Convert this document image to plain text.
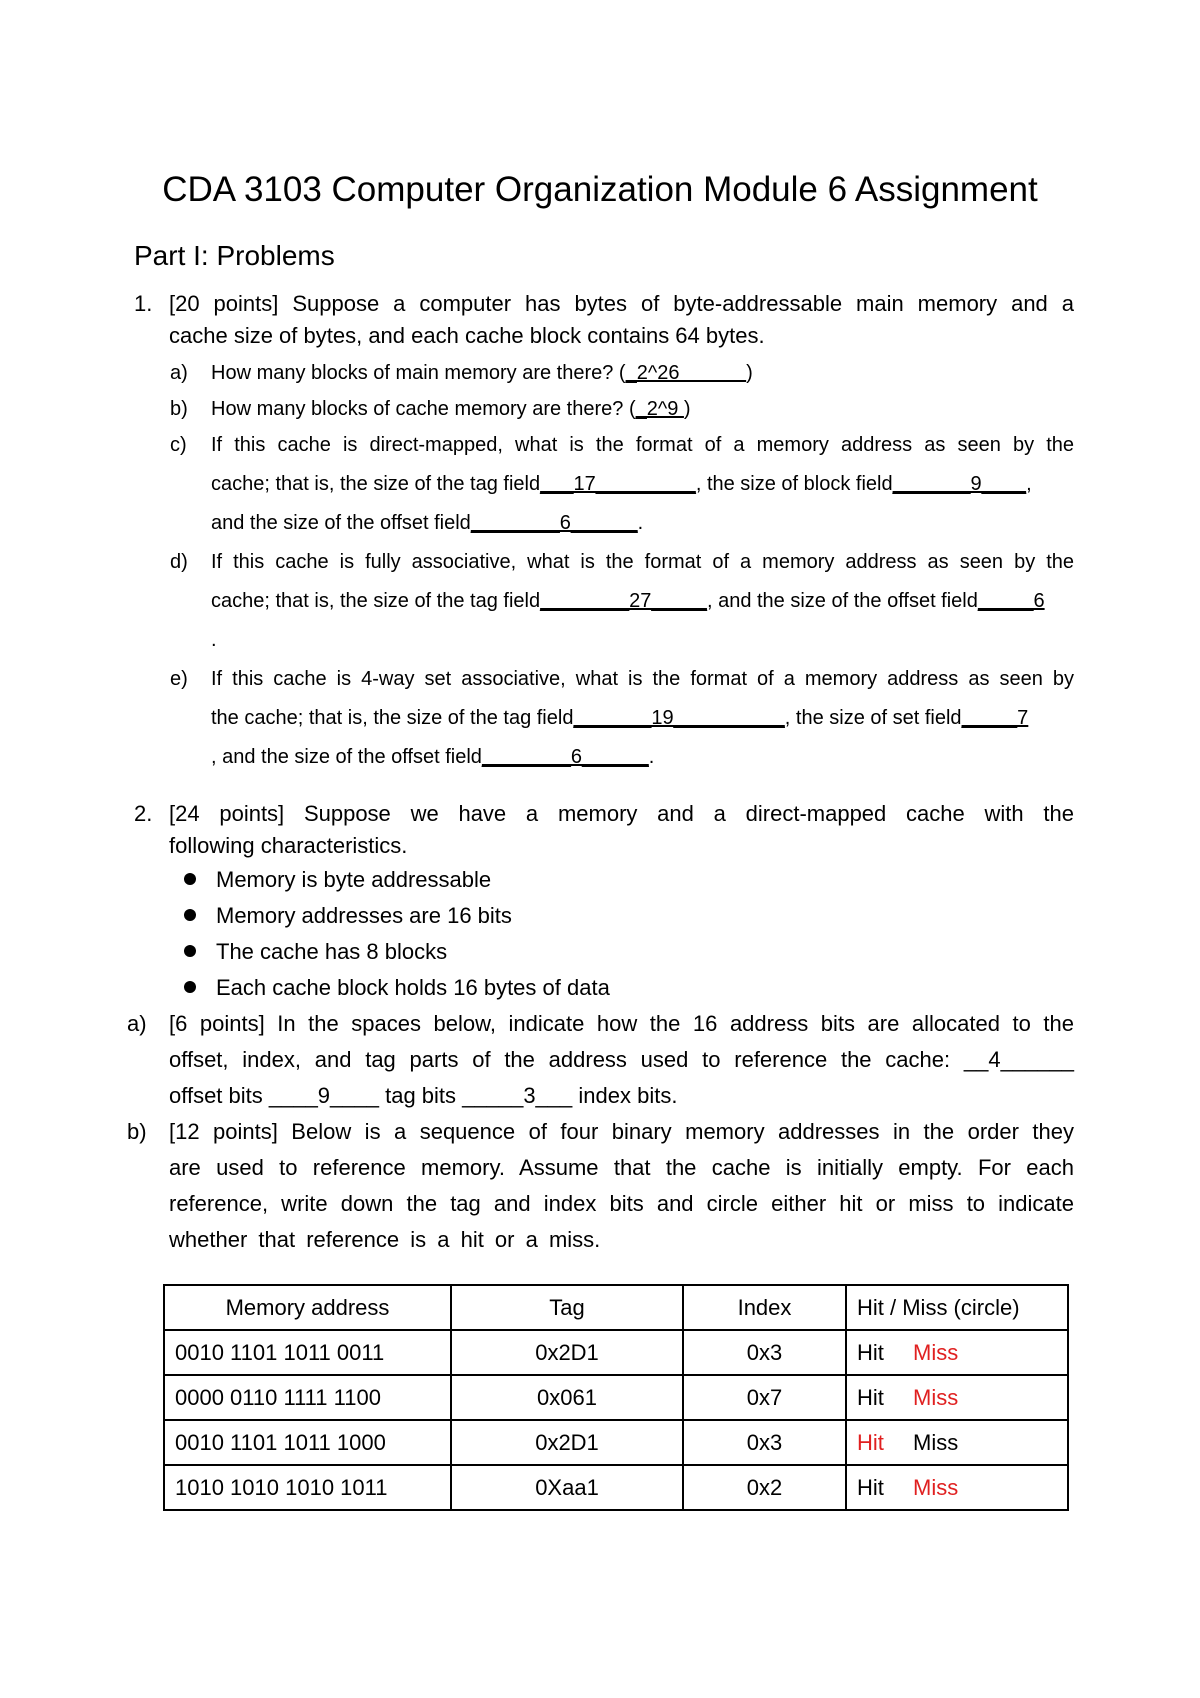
CDA 3103 Computer Organization Module 6 Assignment
Part I: Problems
1. [20 points] Suppose a computer has bytes of byte-addressable main memory and a
cache size of bytes, and each cache block contains 64 bytes.
a) How many blocks of main memory are there? (_2^26            )
b) How many blocks of cache memory are there? (_2^9 )
c) If this cache is direct-mapped, what is the format of a memory address as seen by the
cache; that is, the size of the tag field___17_________, the size of block field_______9____,
and the size of the offset field________6______.
d) If this cache is fully associative, what is the format of a memory address as seen by the
cache; that is, the size of the tag field________27_____, and the size of the offset field_____6
.
e) If this cache is 4-way set associative, what is the format of a memory address as seen by
the cache; that is, the size of the tag field_______19__________, the size of set field_____7
, and the size of the offset field________6______.
2. [24 points] Suppose we have a memory and a direct-mapped cache with the
following characteristics.
Memory is byte addressable
Memory addresses are 16 bits
The cache has 8 blocks
Each cache block holds 16 bytes of data
a) [6 points] In the spaces below, indicate how the 16 address bits are allocated to the
offset, index, and tag parts of the address used to reference the cache: __4______
offset bits ____9____ tag bits _____3___ index bits.
b) [12 points] Below is a sequence of four binary memory addresses in the order they
are used to reference memory. Assume that the cache is initially empty. For each
reference, write down the tag and index bits and circle either hit or miss to indicate
whether that reference is a hit or a miss.
Memory address	Tag	Index	Hit / Miss (circle)
0010 1101 1011 0011	0x2D1	0x3	Hit Miss
0000 0110 1111 1100	0x061	0x7	Hit Miss
0010 1101 1011 1000	0x2D1	0x3	Hit Miss
1010 1010 1010 1011	0Xaa1	0x2	Hit Miss
